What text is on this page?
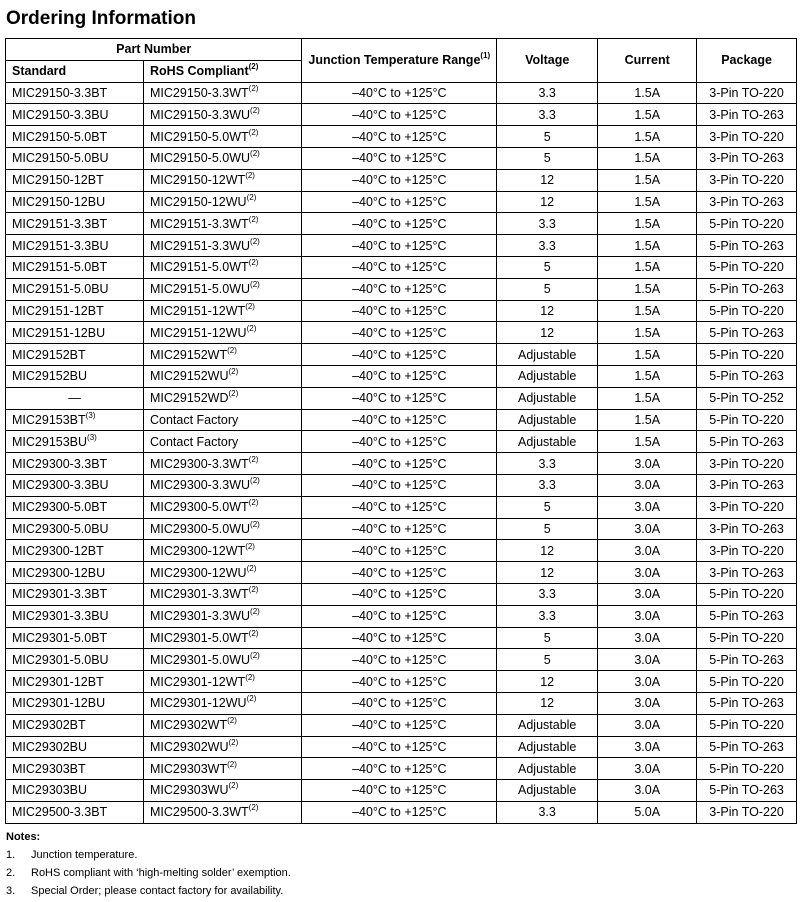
Ordering Information
Part Number		Junction Temperature Range$^{(1)}$	Voltage	Current	Package
Standard	RoHS Compliant$^{(2)}$
MIC29150-3.3BT	MIC29150-3.3WT$^{(2)}$	–40°C to +125°C	3.3	1.5A	3-Pin TO-220
MIC29150-3.3BU	MIC29150-3.3WU$^{(2)}$	–40°C to +125°C	3.3	1.5A	3-Pin TO-263
MIC29150-5.0BT	MIC29150-5.0WT$^{(2)}$	–40°C to +125°C	5	1.5A	3-Pin TO-220
MIC29150-5.0BU	MIC29150-5.0WU$^{(2)}$	–40°C to +125°C	5	1.5A	3-Pin TO-263
MIC29150-12BT	MIC29150-12WT$^{(2)}$	–40°C to +125°C	12	1.5A	3-Pin TO-220
MIC29150-12BU	MIC29150-12WU$^{(2)}$	–40°C to +125°C	12	1.5A	3-Pin TO-263
MIC29151-3.3BT	MIC29151-3.3WT$^{(2)}$	–40°C to +125°C	3.3	1.5A	5-Pin TO-220
MIC29151-3.3BU	MIC29151-3.3WU$^{(2)}$	–40°C to +125°C	3.3	1.5A	5-Pin TO-263
MIC29151-5.0BT	MIC29151-5.0WT$^{(2)}$	–40°C to +125°C	5	1.5A	5-Pin TO-220
MIC29151-5.0BU	MIC29151-5.0WU$^{(2)}$	–40°C to +125°C	5	1.5A	5-Pin TO-263
MIC29151-12BT	MIC29151-12WT$^{(2)}$	–40°C to +125°C	12	1.5A	5-Pin TO-220
MIC29151-12BU	MIC29151-12WU$^{(2)}$	–40°C to +125°C	12	1.5A	5-Pin TO-263
MIC29152BT	MIC29152WT$^{(2)}$	–40°C to +125°C	Adjustable	1.5A	5-Pin TO-220
MIC29152BU	MIC29152WU$^{(2)}$	–40°C to +125°C	Adjustable	1.5A	5-Pin TO-263
—	MIC29152WD$^{(2)}$	–40°C to +125°C	Adjustable	1.5A	5-Pin TO-252
MIC29153BT$^{(3)}$	Contact Factory	–40°C to +125°C	Adjustable	1.5A	5-Pin TO-220
MIC29153BU$^{(3)}$	Contact Factory	–40°C to +125°C	Adjustable	1.5A	5-Pin TO-263
MIC29300-3.3BT	MIC29300-3.3WT$^{(2)}$	–40°C to +125°C	3.3	3.0A	3-Pin TO-220
MIC29300-3.3BU	MIC29300-3.3WU$^{(2)}$	–40°C to +125°C	3.3	3.0A	3-Pin TO-263
MIC29300-5.0BT	MIC29300-5.0WT$^{(2)}$	–40°C to +125°C	5	3.0A	3-Pin TO-220
MIC29300-5.0BU	MIC29300-5.0WU$^{(2)}$	–40°C to +125°C	5	3.0A	3-Pin TO-263
MIC29300-12BT	MIC29300-12WT$^{(2)}$	–40°C to +125°C	12	3.0A	3-Pin TO-220
MIC29300-12BU	MIC29300-12WU$^{(2)}$	–40°C to +125°C	12	3.0A	3-Pin TO-263
MIC29301-3.3BT	MIC29301-3.3WT$^{(2)}$	–40°C to +125°C	3.3	3.0A	5-Pin TO-220
MIC29301-3.3BU	MIC29301-3.3WU$^{(2)}$	–40°C to +125°C	3.3	3.0A	5-Pin TO-263
MIC29301-5.0BT	MIC29301-5.0WT$^{(2)}$	–40°C to +125°C	5	3.0A	5-Pin TO-220
MIC29301-5.0BU	MIC29301-5.0WU$^{(2)}$	–40°C to +125°C	5	3.0A	5-Pin TO-263
MIC29301-12BT	MIC29301-12WT$^{(2)}$	–40°C to +125°C	12	3.0A	5-Pin TO-220
MIC29301-12BU	MIC29301-12WU$^{(2)}$	–40°C to +125°C	12	3.0A	5-Pin TO-263
MIC29302BT	MIC29302WT$^{(2)}$	–40°C to +125°C	Adjustable	3.0A	5-Pin TO-220
MIC29302BU	MIC29302WU$^{(2)}$	–40°C to +125°C	Adjustable	3.0A	5-Pin TO-263
MIC29303BT	MIC29303WT$^{(2)}$	–40°C to +125°C	Adjustable	3.0A	5-Pin TO-220
MIC29303BU	MIC29303WU$^{(2)}$	–40°C to +125°C	Adjustable	3.0A	5-Pin TO-263
MIC29500-3.3BT	MIC29500-3.3WT$^{(2)}$	–40°C to +125°C	3.3	5.0A	3-Pin TO-220
Notes:
1. Junction temperature.
2. RoHS compliant with ‘high-melting solder’ exemption.
3. Special Order; please contact factory for availability.
